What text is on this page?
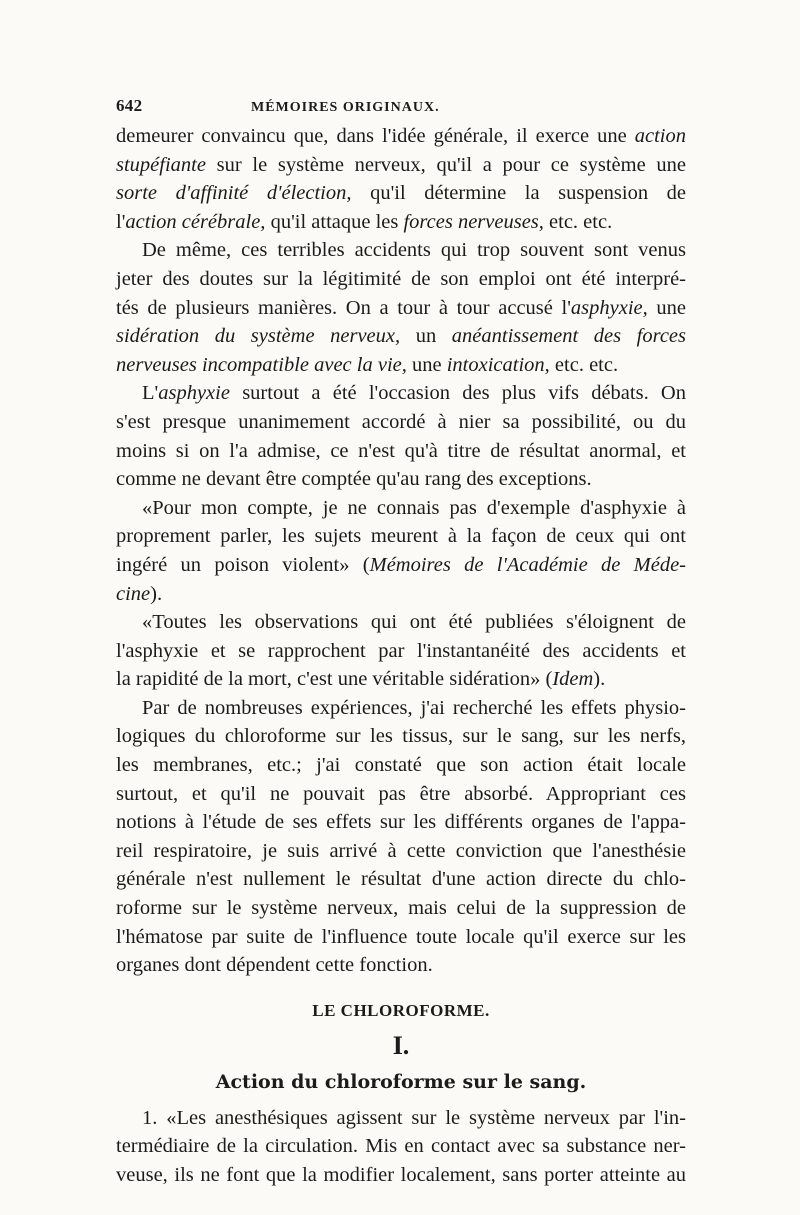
642	MÉMOIRES ORIGINAUX.
demeurer convaincu que, dans l'idée générale, il exerce une action
stupéfiante sur le système nerveux, qu'il a pour ce système une
sorte d'affinité d'élection, qu'il détermine la suspension de
l'action cérébrale, qu'il attaque les forces nerveuses, etc. etc.
De même, ces terribles accidents qui trop souvent sont venus
jeter des doutes sur la légitimité de son emploi ont été interpré-
tés de plusieurs manières. On a tour à tour accusé l'asphyxie, une
sidération du système nerveux, un anéantissement des forces
nerveuses incompatible avec la vie, une intoxication, etc. etc.
L'asphyxie surtout a été l'occasion des plus vifs débats. On
s'est presque unanimement accordé à nier sa possibilité, ou du
moins si on l'a admise, ce n'est qu'à titre de résultat anormal, et
comme ne devant être comptée qu'au rang des exceptions.
«Pour mon compte, je ne connais pas d'exemple d'asphyxie à
proprement parler, les sujets meurent à la façon de ceux qui ont
ingéré un poison violent» (Mémoires de l'Académie de Méde-
cine).
«Toutes les observations qui ont été publiées s'éloignent de
l'asphyxie et se rapprochent par l'instantanéité des accidents et
la rapidité de la mort, c'est une véritable sidération» (Idem).
Par de nombreuses expériences, j'ai recherché les effets physio-
logiques du chloroforme sur les tissus, sur le sang, sur les nerfs,
les membranes, etc.; j'ai constaté que son action était locale
surtout, et qu'il ne pouvait pas être absorbé. Appropriant ces
notions à l'étude de ses effets sur les différents organes de l'appa-
reil respiratoire, je suis arrivé à cette conviction que l'anesthésie
générale n'est nullement le résultat d'une action directe du chlo-
roforme sur le système nerveux, mais celui de la suppression de
l'hématose par suite de l'influence toute locale qu'il exerce sur les
organes dont dépendent cette fonction.
LE CHLOROFORME.
I.
Action du chloroforme sur le sang.
1. «Les anesthésiques agissent sur le système nerveux par l'in-
termédiaire de la circulation. Mis en contact avec sa substance ner-
veuse, ils ne font que la modifier localement, sans porter atteinte au
